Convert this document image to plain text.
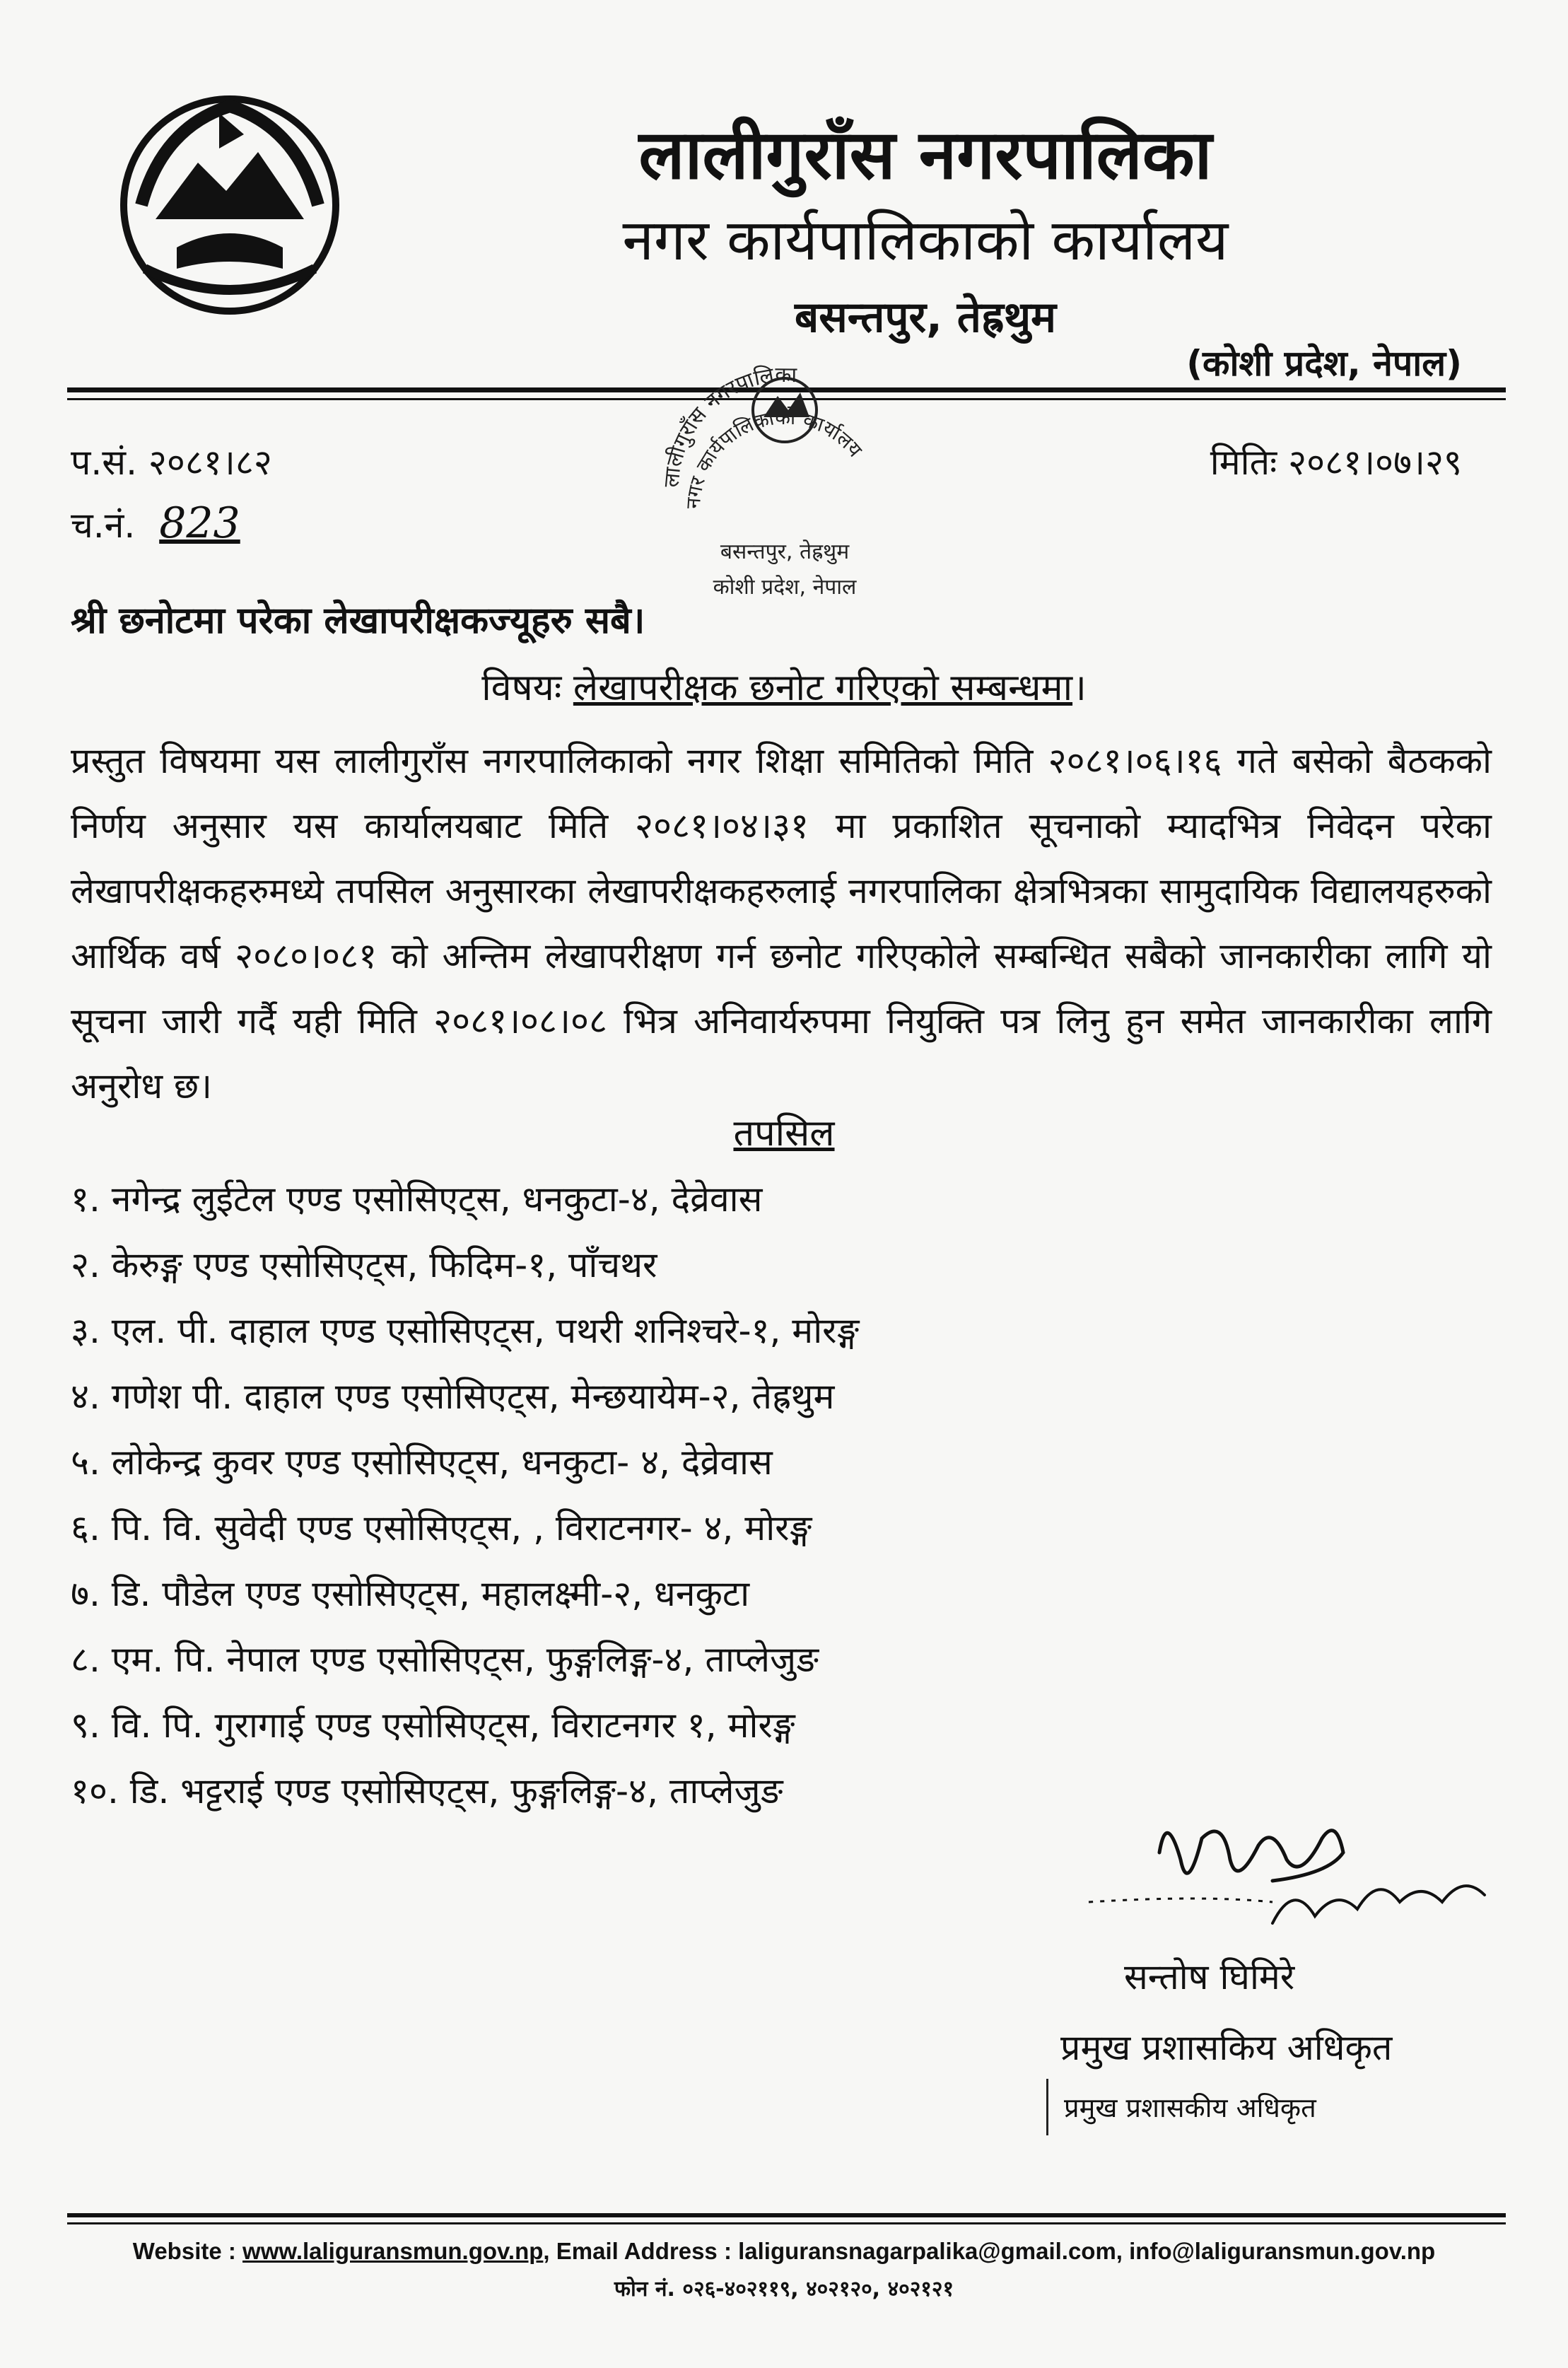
लालीगुराँस नगरपालिका
नगर कार्यपालिकाको कार्यालय
बसन्तपुर, तेह्रथुम
(कोशी प्रदेश, नेपाल)
प.सं. २०८१।८२
च.नं. 823
मितिः २०८१।०७।२९
लालीगुराँस नगरपालिका
नगर कार्यपालिकाको कार्यालय
बसन्तपुर, तेह्रथुम
कोशी प्रदेश, नेपाल
श्री छनोटमा परेका लेखापरीक्षकज्यूहरु सबै।
विषयः लेखापरीक्षक छनोट गरिएको सम्बन्धमा।
प्रस्तुत विषयमा यस लालीगुराँस नगरपालिकाको नगर शिक्षा समितिको मिति २०८१।०६।१६ गते बसेको बैठकको निर्णय अनुसार यस कार्यालयबाट मिति २०८१।०४।३१ मा प्रकाशित सूचनाको म्यादभित्र निवेदन परेका लेखापरीक्षकहरुमध्ये तपसिल अनुसारका लेखापरीक्षकहरुलाई नगरपालिका क्षेत्रभित्रका सामुदायिक विद्यालयहरुको आर्थिक वर्ष २०८०।०८१ को अन्तिम लेखापरीक्षण गर्न छनोट गरिएकोले सम्बन्धित सबैको जानकारीका लागि यो सूचना जारी गर्दै यही मिति २०८१।०८।०८ भित्र अनिवार्यरुपमा नियुक्ति पत्र लिनु हुन समेत जानकारीका लागि अनुरोध छ।
तपसिल
१. नगेन्द्र लुईटेल एण्ड एसोसिएट्स, धनकुटा-४, देव्रेवास
२. केरुङ्ग एण्ड एसोसिएट्स, फिदिम-१, पाँचथर
३. एल. पी. दाहाल एण्ड एसोसिएट्स, पथरी शनिश्चरे-१, मोरङ्ग
४. गणेश पी. दाहाल एण्ड एसोसिएट्स, मेन्छयायेम-२, तेह्रथुम
५. लोकेन्द्र कुवर एण्ड एसोसिएट्स, धनकुटा- ४, देव्रेवास
६. पि. वि. सुवेदी एण्ड एसोसिएट्स, , विराटनगर- ४, मोरङ्ग
७. डि. पौडेल एण्ड एसोसिएट्स, महालक्ष्मी-२, धनकुटा
८. एम. पि. नेपाल एण्ड एसोसिएट्स, फुङ्गलिङ्ग-४, ताप्लेजुङ
९. वि. पि. गुरागाई एण्ड एसोसिएट्स, विराटनगर १, मोरङ्ग
१०. डि. भट्टराई एण्ड एसोसिएट्स, फुङ्गलिङ्ग-४, ताप्लेजुङ
सन्तोष घिमिरे
प्रमुख प्रशासकिय अधिकृत
प्रमुख प्रशासकीय अधिकृत
Website : www.laliguransmun.gov.np, Email Address : laliguransnagarpalika@gmail.com, info@laliguransmun.gov.np
फोन नं. ०२६-४०२११९, ४०२१२०, ४०२१२१
